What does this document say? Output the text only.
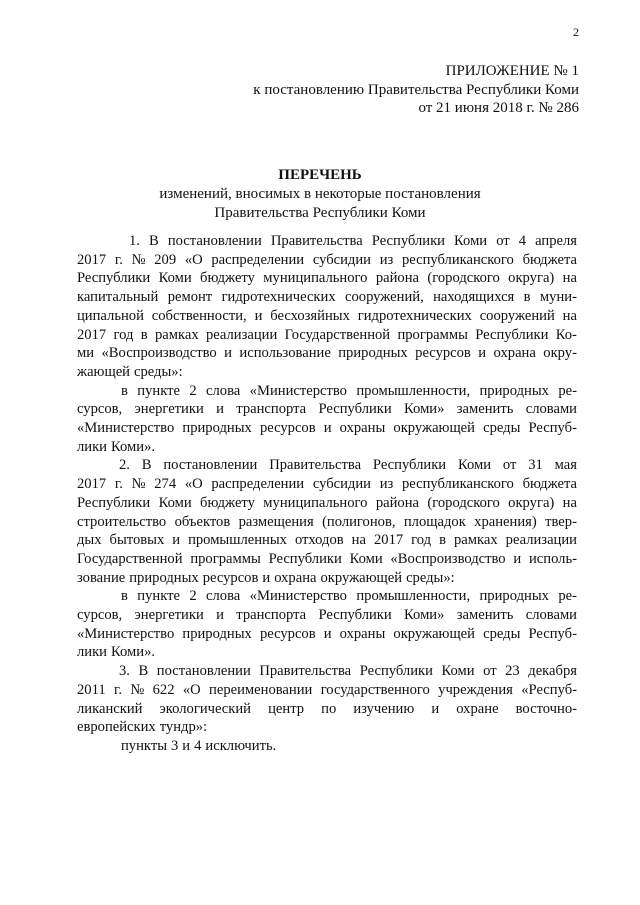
2
ПРИЛОЖЕНИЕ № 1
к постановлению Правительства Республики Коми
от 21 июня 2018 г. № 286
ПЕРЕЧЕНЬ
изменений, вносимых в некоторые постановления
Правительства Республики Коми
1. В постановлении Правительства Республики Коми от 4 апреля
2017 г. № 209 «О распределении субсидии из республиканского бюджета
Республики Коми бюджету муниципального района (городского округа) на
капитальный ремонт гидротехнических сооружений, находящихся в муни-
ципальной собственности, и бесхозяйных гидротехнических сооружений на
2017 год в рамках реализации Государственной программы Республики Ко-
ми «Воспроизводство и использование природных ресурсов и охрана окру-
жающей среды»:
в пункте 2 слова «Министерство промышленности, природных ре-
сурсов, энергетики и транспорта Республики Коми» заменить словами
«Министерство природных ресурсов и охраны окружающей среды Респуб-
лики Коми».
2. В постановлении Правительства Республики Коми от 31 мая
2017 г. № 274 «О распределении субсидии из республиканского бюджета
Республики Коми бюджету муниципального района (городского округа) на
строительство объектов размещения (полигонов, площадок хранения) твер-
дых бытовых и промышленных отходов на 2017 год в рамках реализации
Государственной программы Республики Коми «Воспроизводство и исполь-
зование природных ресурсов и охрана окружающей среды»:
в пункте 2 слова «Министерство промышленности, природных ре-
сурсов, энергетики и транспорта Республики Коми» заменить словами
«Министерство природных ресурсов и охраны окружающей среды Респуб-
лики Коми».
3. В постановлении Правительства Республики Коми от 23 декабря
2011 г. № 622 «О переименовании государственного учреждения «Респуб-
ликанский экологический центр по изучению и охране восточно-
европейских тундр»:
пункты 3 и 4 исключить.
